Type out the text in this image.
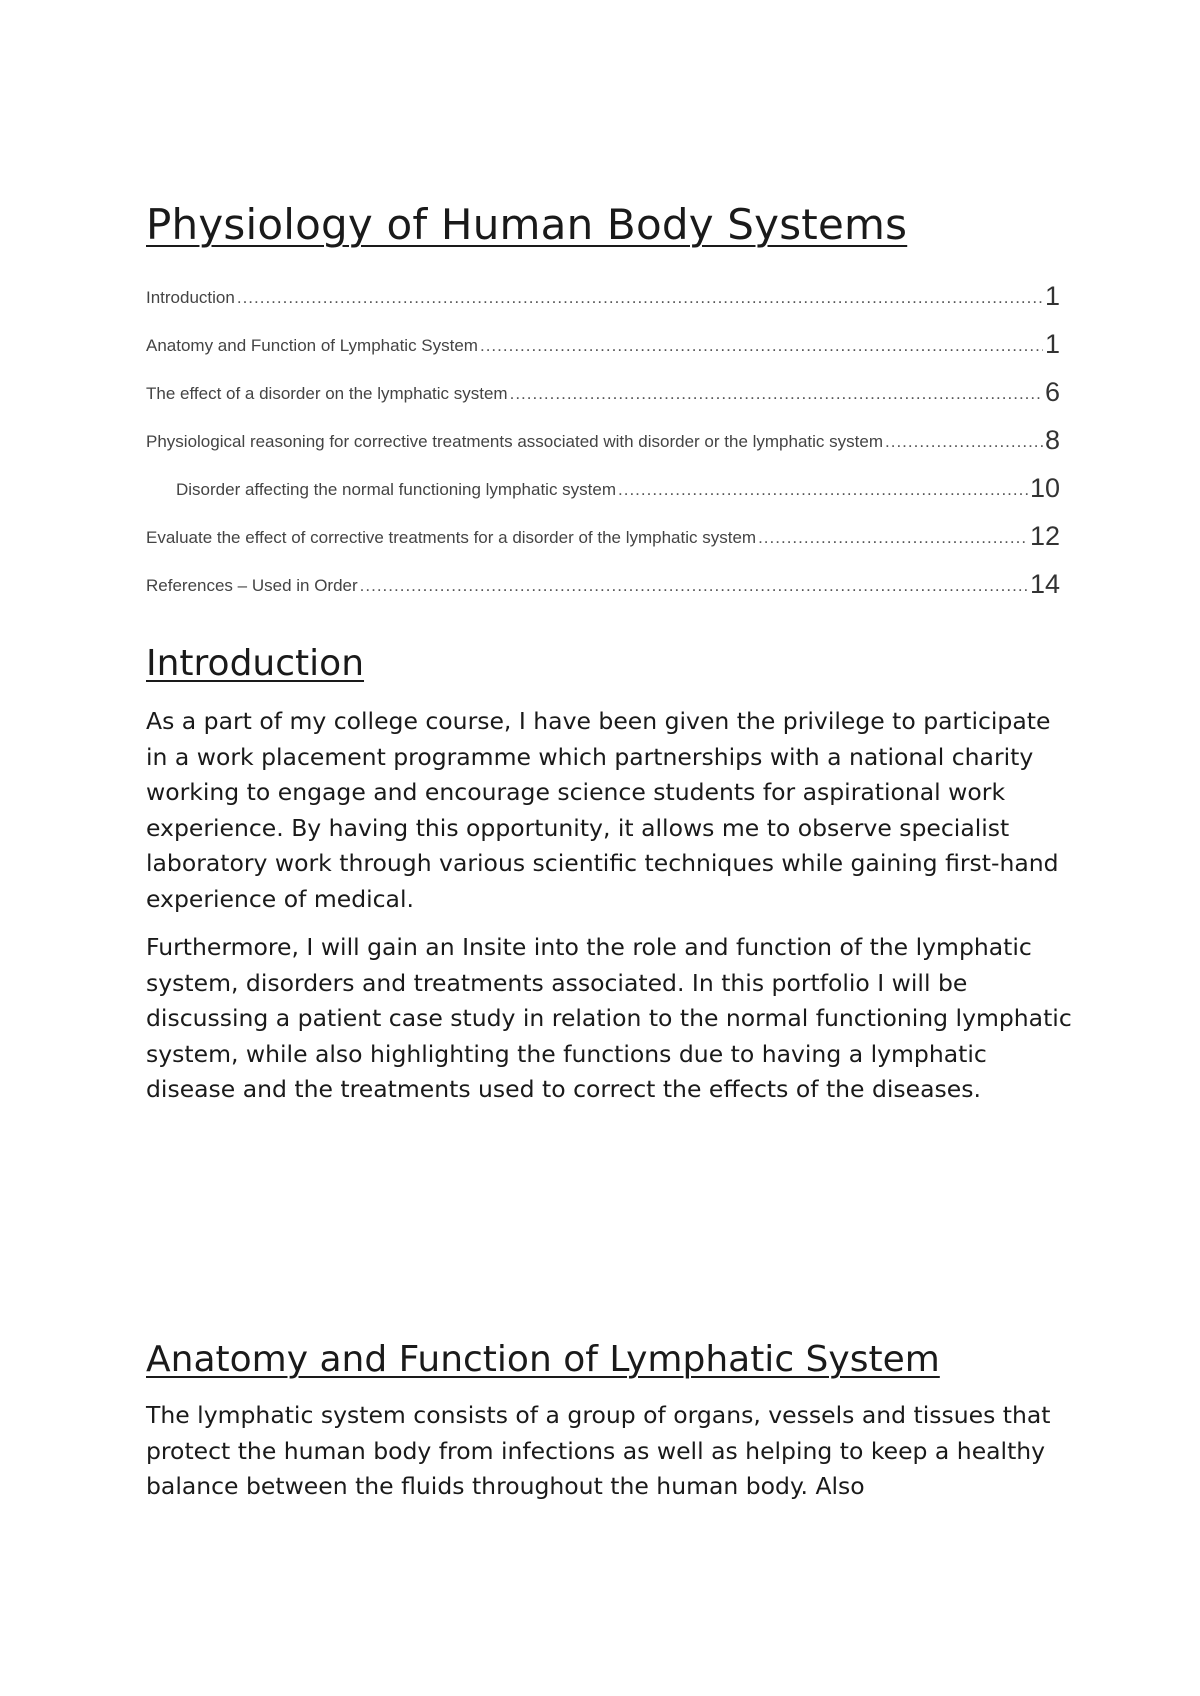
Physiology of Human Body Systems
Introduction .....	1
Anatomy and Function of Lymphatic System .....	1
The effect of a disorder on the lymphatic system .....	6
Physiological reasoning for corrective treatments associated with disorder or the lymphatic system .....	8
Disorder affecting the normal functioning lymphatic system .....	10
Evaluate the effect of corrective treatments for a disorder of the lymphatic system .....	12
References – Used in Order .....	14
Introduction

As a part of my college course, I have been given the privilege to participate in a work placement programme which partnerships with a national charity working to engage and encourage science students for aspirational work experience. By having this opportunity, it allows me to observe specialist laboratory work through various scientific techniques while gaining first-hand experience of medical.

Furthermore, I will gain an Insite into the role and function of the lymphatic system, disorders and treatments associated. In this portfolio I will be discussing a patient case study in relation to the normal functioning lymphatic system, while also highlighting the functions due to having a lymphatic disease and the treatments used to correct the effects of the diseases.

Anatomy and Function of Lymphatic System

The lymphatic system consists of a group of organs, vessels and tissues that protect the human body from infections as well as helping to keep a healthy balance between the fluids throughout the human body. Also
